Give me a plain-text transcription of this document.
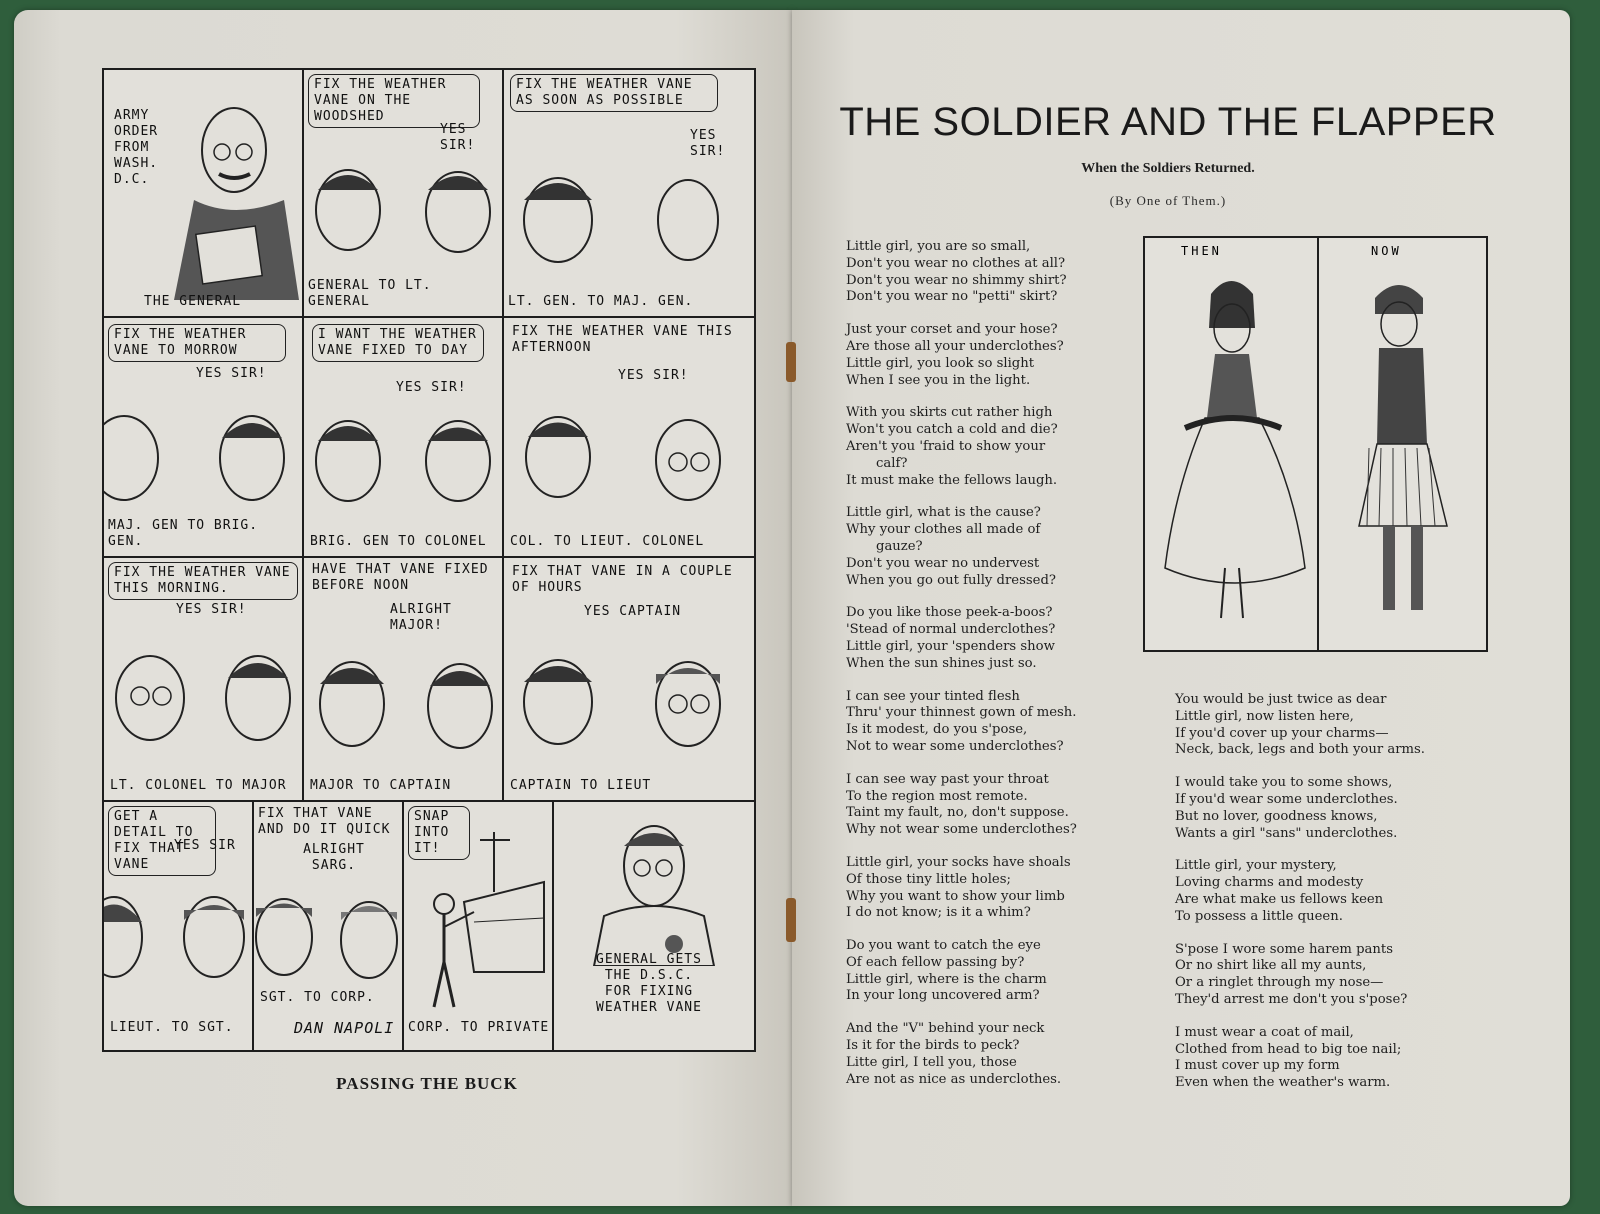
ARMY ORDER FROM WASH. D.C.
THE GENERAL
FIX THE WEATHER VANE ON THE WOODSHED
YES SIR!
GENERAL TO LT. GENERAL
FIX THE WEATHER VANE AS SOON AS POSSIBLE
YES SIR!
LT. GEN. TO MAJ. GEN.
FIX THE WEATHER VANE TO MORROW
YES SIR!
MAJ. GEN TO BRIG. GEN.
I WANT THE WEATHER VANE FIXED TO DAY
YES SIR!
BRIG. GEN TO COLONEL
FIX THE WEATHER VANE THIS AFTERNOON
YES SIR!
COL. TO LIEUT. COLONEL
FIX THE WEATHER VANE THIS MORNING.
YES SIR!
LT. COLONEL TO MAJOR
HAVE THAT VANE FIXED BEFORE NOON
ALRIGHT MAJOR!
MAJOR TO CAPTAIN
FIX THAT VANE IN A COUPLE OF HOURS
YES CAPTAIN
CAPTAIN TO LIEUT
GET A DETAIL TO FIX THAT VANE
YES SIR
LIEUT. TO SGT.
FIX THAT VANE AND DO IT QUICK
ALRIGHT SARG.
SGT. TO CORP.
DAN NAPOLI
SNAP INTO IT!
CORP. TO PRIVATE
GENERAL GETS THE D.S.C. FOR FIXING WEATHER VANE
PASSING THE BUCK
THE SOLDIER AND THE FLAPPER
When the Soldiers Returned.
(By One of Them.)
THEN	NOW
Little girl, you are so small,
Don't you wear no clothes at all?
Don't you wear no shimmy shirt?
Don't you wear no "petti" skirt?
Just your corset and your hose?
Are those all your underclothes?
Little girl, you look so slight
When I see you in the light.
With you skirts cut rather high
Won't you catch a cold and die?
Aren't you 'fraid to show your
calf?
It must make the fellows laugh.
Little girl, what is the cause?
Why your clothes all made of
gauze?
Don't you wear no undervest
When you go out fully dressed?
Do you like those peek-a-boos?
'Stead of normal underclothes?
Little girl, your 'spenders show
When the sun shines just so.
I can see your tinted flesh
Thru' your thinnest gown of mesh.
Is it modest, do you s'pose,
Not to wear some underclothes?
I can see way past your throat
To the region most remote.
Taint my fault, no, don't suppose.
Why not wear some underclothes?
Little girl, your socks have shoals
Of those tiny little holes;
Why you want to show your limb
I do not know; is it a whim?
Do you want to catch the eye
Of each fellow passing by?
Little girl, where is the charm
In your long uncovered arm?
And the "V" behind your neck
Is it for the birds to peck?
Litte girl, I tell you, those
Are not as nice as underclothes.
You would be just twice as dear
Little girl, now listen here,
If you'd cover up your charms—
Neck, back, legs and both your arms.
I would take you to some shows,
If you'd wear some underclothes.
But no lover, goodness knows,
Wants a girl "sans" underclothes.
Little girl, your mystery,
Loving charms and modesty
Are what make us fellows keen
To possess a little queen.
S'pose I wore some harem pants
Or no shirt like all my aunts,
Or a ringlet through my nose—
They'd arrest me don't you s'pose?
I must wear a coat of mail,
Clothed from head to big toe nail;
I must cover up my form
Even when the weather's warm.
